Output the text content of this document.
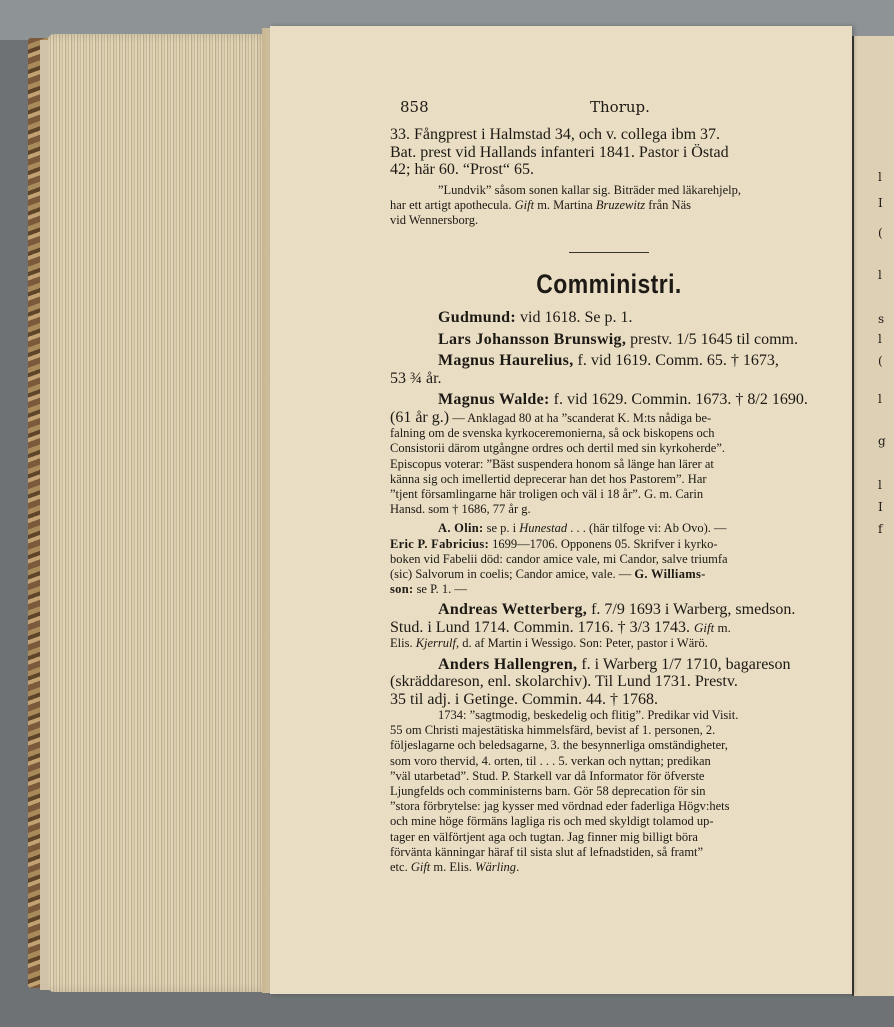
l
I
(
l
s
l
(
l
g
l
I
f
858	Thorup.

33. Fångprest i Halmstad 34, och v. collega ibm 37.
Bat. prest vid Hallands infanteri 1841. Pastor i Östad
42; här 60. “Prost“ 65.

”Lundvik” såsom sonen kallar sig. Biträder med läkarehjelp,
har ett artigt apothecula. Gift m. Martina Bruzewitz från Näs
vid Wennersborg.

Comministri.

Gudmund: vid 1618. Se p. 1.

Lars Johansson Brunswig, prestv. 1/5 1645 til comm.

Magnus Haurelius, f. vid 1619. Comm. 65. † 1673,
53 ¾ år.

Magnus Walde: f. vid 1629. Commin. 1673. † 8/2 1690.
(61 år g.) — Anklagad 80 at ha ”scanderat K. M:ts nådiga be-

falning om de svenska kyrkoceremonierna, så ock biskopens och
Consistorii därom utgångne ordres och dertil med sin kyrkoherde”.
Episcopus voterar: ”Bäst suspendera honom så länge han lärer at
känna sig och imellertid deprecerar han det hos Pastorem”. Har
”tjent församlingarne här troligen och väl i 18 år”. G. m. Carin
Hansd. som † 1686, 77 år g.

A. Olin: se p. i Hunestad . . . (här tilfoge vi: Ab Ovo). —
Eric P. Fabricius: 1699—1706. Opponens 05. Skrifver i kyrko-
boken vid Fabelii död: candor amice vale, mi Candor, salve triumfa
(sic) Salvorum in coelis; Candor amice, vale. — G. Williams-
son: se P. 1. —

Andreas Wetterberg, f. 7/9 1693 i Warberg, smedson.
Stud. i Lund 1714. Commin. 1716. † 3/3 1743. Gift m.

Elis. Kjerrulf, d. af Martin i Wessigo. Son: Peter, pastor i Wärö.

Anders Hallengren, f. i Warberg 1/7 1710, bagareson
(skräddareson, enl. skolarchiv). Til Lund 1731. Prestv.
35 til adj. i Getinge. Commin. 44. † 1768.

1734: ”sagtmodig, beskedelig och flitig”. Predikar vid Visit.
55 om Christi majestätiska himmelsfärd, bevist af 1. personen, 2.
följeslagarne och beledsagarne, 3. the besynnerliga omständigheter,
som voro thervid, 4. orten, til . . . 5. verkan och nyttan; predikan
”väl utarbetad”. Stud. P. Starkell var då Informator för öfverste
Ljungfelds och comministerns barn. Gör 58 deprecation för sin
”stora förbrytelse: jag kysser med vördnad eder faderliga Högv:hets
och mine höge förmäns lagliga ris och med skyldigt tolamod up-
tager en välförtjent aga och tugtan. Jag finner mig billigt böra
förvänta känningar häraf til sista slut af lefnadstiden, så framt”
etc. Gift m. Elis. Wärling.
